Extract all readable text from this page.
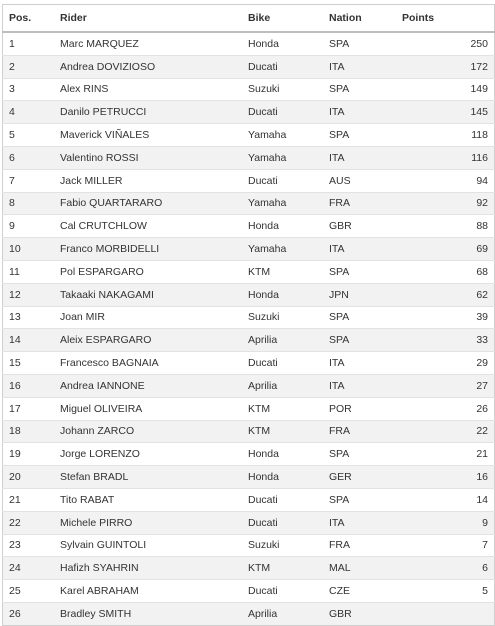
Pos.	Rider	Bike	Nation	Points
1	Marc MARQUEZ	Honda	SPA	250
2	Andrea DOVIZIOSO	Ducati	ITA	172
3	Alex RINS	Suzuki	SPA	149
4	Danilo PETRUCCI	Ducati	ITA	145
5	Maverick VIÑALES	Yamaha	SPA	118
6	Valentino ROSSI	Yamaha	ITA	116
7	Jack MILLER	Ducati	AUS	94
8	Fabio QUARTARARO	Yamaha	FRA	92
9	Cal CRUTCHLOW	Honda	GBR	88
10	Franco MORBIDELLI	Yamaha	ITA	69
11	Pol ESPARGARO	KTM	SPA	68
12	Takaaki NAKAGAMI	Honda	JPN	62
13	Joan MIR	Suzuki	SPA	39
14	Aleix ESPARGARO	Aprilia	SPA	33
15	Francesco BAGNAIA	Ducati	ITA	29
16	Andrea IANNONE	Aprilia	ITA	27
17	Miguel OLIVEIRA	KTM	POR	26
18	Johann ZARCO	KTM	FRA	22
19	Jorge LORENZO	Honda	SPA	21
20	Stefan BRADL	Honda	GER	16
21	Tito RABAT	Ducati	SPA	14
22	Michele PIRRO	Ducati	ITA	9
23	Sylvain GUINTOLI	Suzuki	FRA	7
24	Hafizh SYAHRIN	KTM	MAL	6
25	Karel ABRAHAM	Ducati	CZE	5
26	Bradley SMITH	Aprilia	GBR	
